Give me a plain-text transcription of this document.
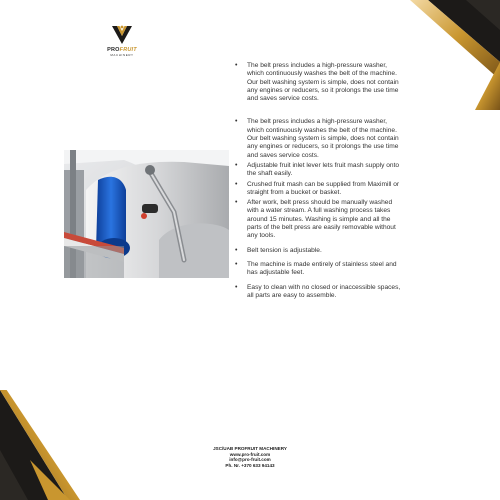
PROFRUIT
MACHINERY
• The belt press includes a high-pressure washer, which continuously washes the belt of the machine. Our belt washing system is simple, does not contain any engines or reducers, so it prolongs the use time and saves service costs.
• The belt press includes a high-pressure washer, which continuously washes the belt of the machine. Our belt washing system is simple, does not contain any engines or reducers, so it prolongs the use time and saves service costs.
• Adjustable fruit inlet lever lets fruit mash supply onto the shaft easily.
• Crushed fruit mash can be supplied from Maximill or straight from a bucket or basket.
• After work, belt press should be manually washed with a water stream. A full washing process takes around 15 minutes. Washing is simple and all the parts of the belt press are easily removable without any tools.
• Belt tension is adjustable.
• The machine is made entirely of stainless steel and has adjustable feet.
• Easy to clean with no closed or inaccessible spaces, all parts are easy to assemble.
JSC/UAB PROFRUIT MACHINERY
www.pro-fruit.com
info@pro-fruit.com
Ph. Nr. +370 633 94143
